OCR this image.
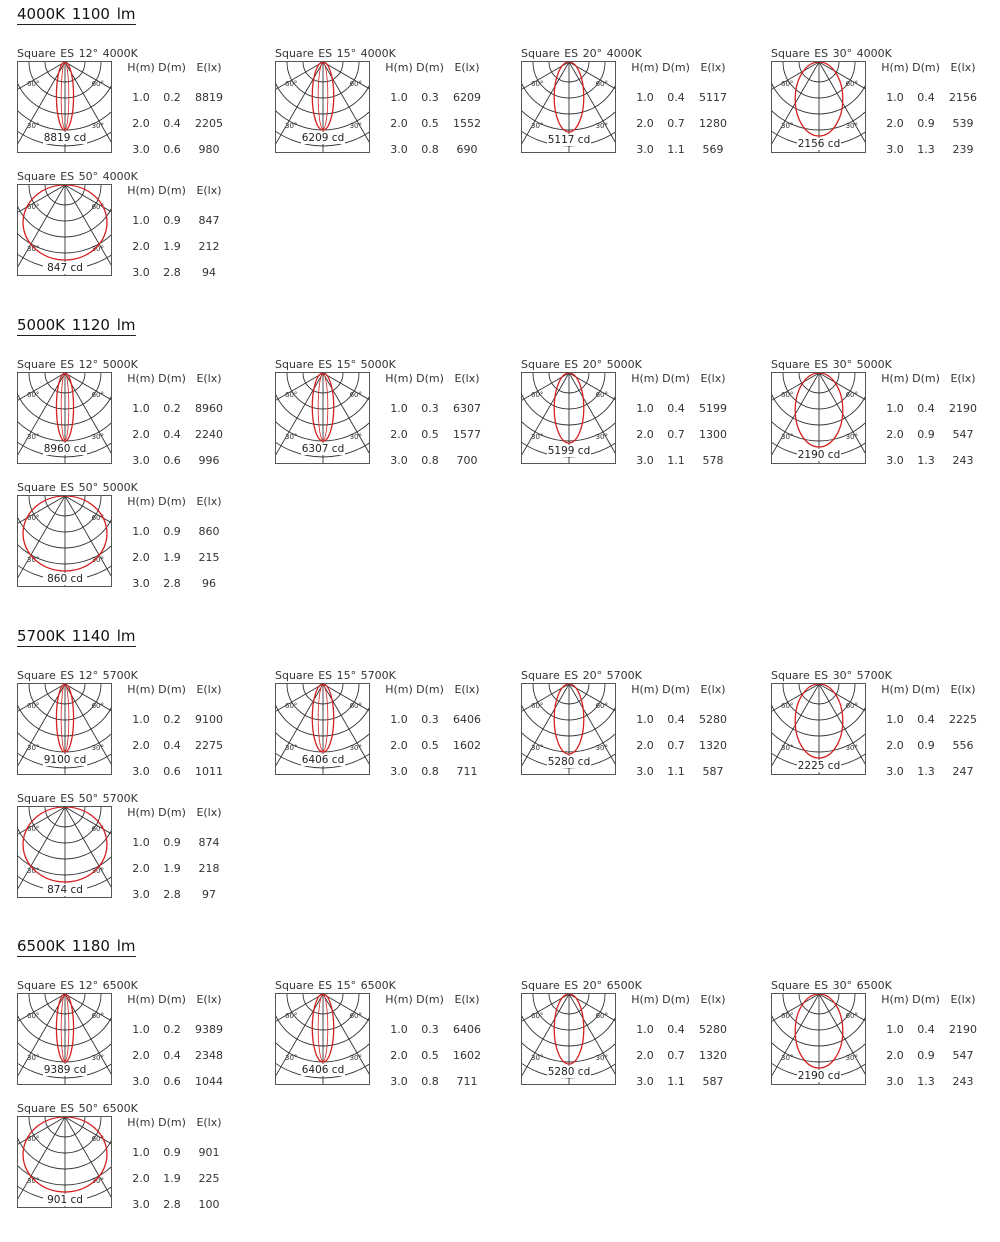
4000K 1100 lm
Square ES 12° 4000K
60°	60°
30°	30°
8819 cd
H(m) D(m) E(lx)
1.0	0.2	8819
2.0	0.4	2205
3.0	0.6	980
Square ES 15° 4000K
60°	60°
30°	30°
6209 cd
H(m) D(m) E(lx)
1.0	0.3	6209
2.0	0.5	1552
3.0	0.8	690
Square ES 20° 4000K
60°	60°
30°	30°
5117 cd
H(m) D(m) E(lx)
1.0	0.4	5117
2.0	0.7	1280
3.0	1.1	569
Square ES 30° 4000K
60°	60°
30°	30°
2156 cd
H(m) D(m) E(lx)
1.0	0.4	2156
2.0	0.9	539
3.0	1.3	239
Square ES 50° 4000K
60°	60°
30°	30°
847 cd
H(m) D(m) E(lx)
1.0	0.9	847
2.0	1.9	212
3.0	2.8	94
5000K 1120 lm
Square ES 12° 5000K
60°	60°
30°	30°
8960 cd
H(m) D(m) E(lx)
1.0	0.2	8960
2.0	0.4	2240
3.0	0.6	996
Square ES 15° 5000K
60°	60°
30°	30°
6307 cd
H(m) D(m) E(lx)
1.0	0.3	6307
2.0	0.5	1577
3.0	0.8	700
Square ES 20° 5000K
60°	60°
30°	30°
5199 cd
H(m) D(m) E(lx)
1.0	0.4	5199
2.0	0.7	1300
3.0	1.1	578
Square ES 30° 5000K
60°	60°
30°	30°
2190 cd
H(m) D(m) E(lx)
1.0	0.4	2190
2.0	0.9	547
3.0	1.3	243
Square ES 50° 5000K
60°	60°
30°	30°
860 cd
H(m) D(m) E(lx)
1.0	0.9	860
2.0	1.9	215
3.0	2.8	96
5700K 1140 lm
Square ES 12° 5700K
60°	60°
30°	30°
9100 cd
H(m) D(m) E(lx)
1.0	0.2	9100
2.0	0.4	2275
3.0	0.6	1011
Square ES 15° 5700K
60°	60°
30°	30°
6406 cd
H(m) D(m) E(lx)
1.0	0.3	6406
2.0	0.5	1602
3.0	0.8	711
Square ES 20° 5700K
60°	60°
30°	30°
5280 cd
H(m) D(m) E(lx)
1.0	0.4	5280
2.0	0.7	1320
3.0	1.1	587
Square ES 30° 5700K
60°	60°
30°	30°
2225 cd
H(m) D(m) E(lx)
1.0	0.4	2225
2.0	0.9	556
3.0	1.3	247
Square ES 50° 5700K
60°	60°
30°	30°
874 cd
H(m) D(m) E(lx)
1.0	0.9	874
2.0	1.9	218
3.0	2.8	97
6500K 1180 lm
Square ES 12° 6500K
60°	60°
30°	30°
9389 cd
H(m) D(m) E(lx)
1.0	0.2	9389
2.0	0.4	2348
3.0	0.6	1044
Square ES 15° 6500K
60°	60°
30°	30°
6406 cd
H(m) D(m) E(lx)
1.0	0.3	6406
2.0	0.5	1602
3.0	0.8	711
Square ES 20° 6500K
60°	60°
30°	30°
5280 cd
H(m) D(m) E(lx)
1.0	0.4	5280
2.0	0.7	1320
3.0	1.1	587
Square ES 30° 6500K
60°	60°
30°	30°
2190 cd
H(m) D(m) E(lx)
1.0	0.4	2190
2.0	0.9	547
3.0	1.3	243
Square ES 50° 6500K
60°	60°
30°	30°
901 cd
H(m) D(m) E(lx)
1.0	0.9	901
2.0	1.9	225
3.0	2.8	100
